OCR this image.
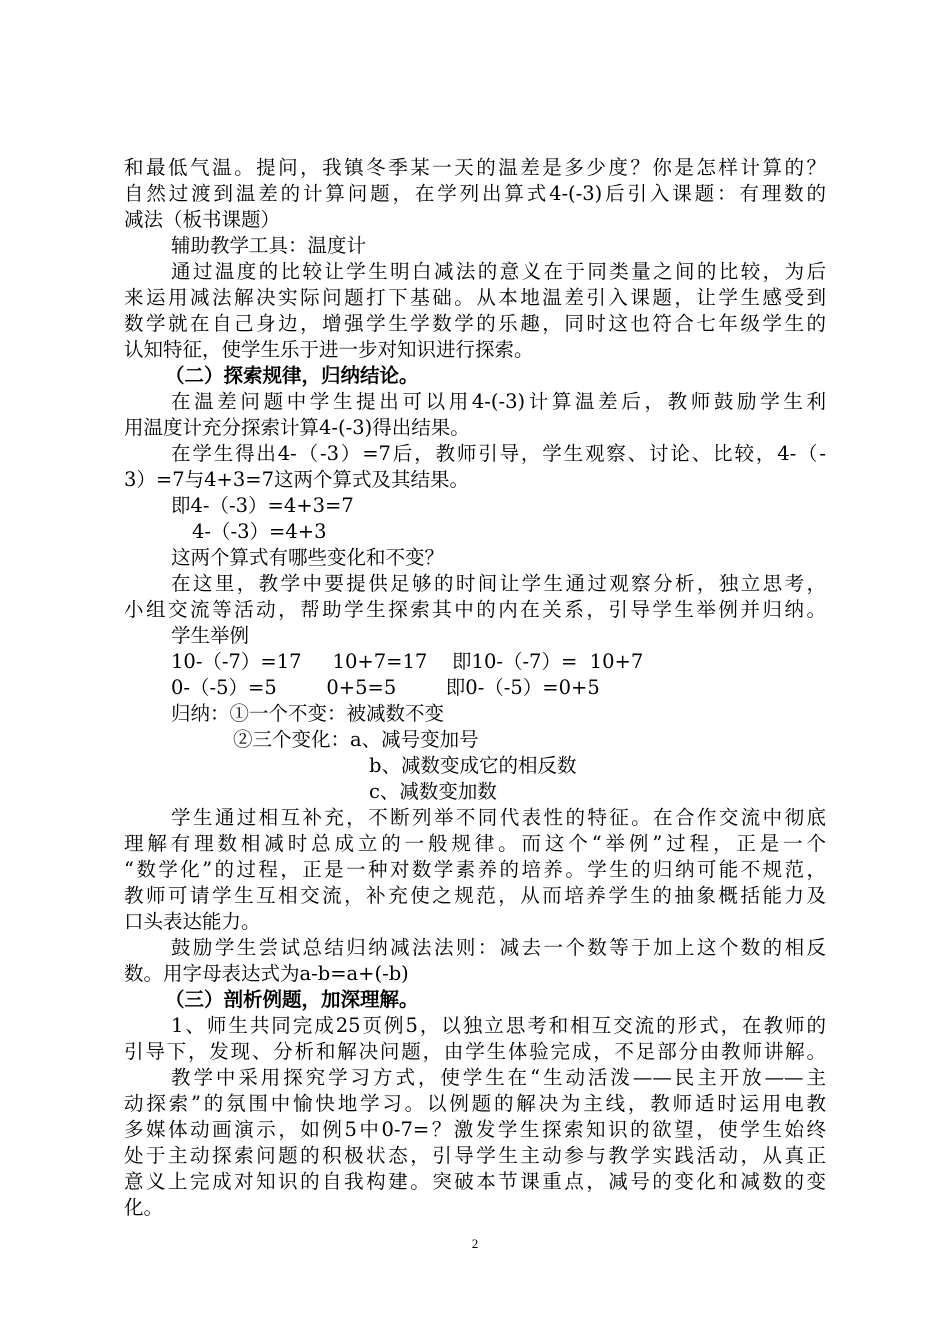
2
和最低气温。提问，我镇冬季某一天的温差是多少度？你是怎样计算的？
自然过渡到温差的计算问题，在学列出算式4-(-3)后引入课题：有理数的
减法（板书课题）
辅助教学工具：温度计
通过温度的比较让学生明白减法的意义在于同类量之间的比较，为后
来运用减法解决实际问题打下基础。从本地温差引入课题，让学生感受到
数学就在自己身边，增强学生学数学的乐趣，同时这也符合七年级学生的
认知特征，使学生乐于进一步对知识进行探索。
（二）探索规律，归纳结论。
在温差问题中学生提出可以用4-(-3)计算温差后，教师鼓励学生利
用温度计充分探索计算4-(-3)得出结果。
在学生得出4-（-3）=7后，教师引导，学生观察、讨论、比较，4-（-
3）=7与4+3=7这两个算式及其结果。
即4-（-3）=4+3=7
4-（-3）=4+3
这两个算式有哪些变化和不变？
在这里，教学中要提供足够的时间让学生通过观察分析，独立思考，
小组交流等活动，帮助学生探索其中的内在关系，引导学生举例并归纳。
学生举例
10-（-7）=17     10+7=17    即10-（-7）=  10+7
0-（-5）=5        0+5=5        即0-（-5）=0+5
归纳：①一个不变：被减数不变
②三个变化：a、减号变加号
b、减数变成它的相反数
c、减数变加数
学生通过相互补充，不断列举不同代表性的特征。在合作交流中彻底
理解有理数相减时总成立的一般规律。而这个“举例”过程，正是一个
“数学化”的过程，正是一种对数学素养的培养。学生的归纳可能不规范，
教师可请学生互相交流，补充使之规范，从而培养学生的抽象概括能力及
口头表达能力。
鼓励学生尝试总结归纳减法法则：减去一个数等于加上这个数的相反
数。用字母表达式为a-b=a+(-b)
（三）剖析例题，加深理解。
1、师生共同完成25页例5，以独立思考和相互交流的形式，在教师的
引导下，发现、分析和解决问题，由学生体验完成，不足部分由教师讲解。
教学中采用探究学习方式，使学生在“生动活泼——民主开放——主
动探索”的氛围中愉快地学习。以例题的解决为主线，教师适时运用电教
多媒体动画演示，如例5中0-7=？激发学生探索知识的欲望，使学生始终
处于主动探索问题的积极状态，引导学生主动参与教学实践活动，从真正
意义上完成对知识的自我构建。突破本节课重点，减号的变化和减数的变
化。
